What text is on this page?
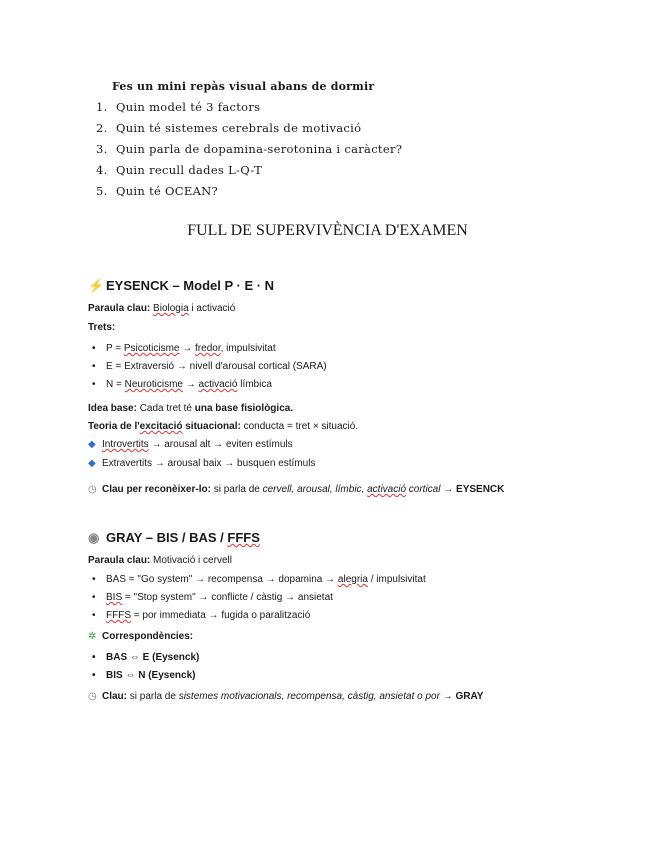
Fes un mini repàs visual abans de dormir
1. Quin model té 3 factors
2. Quin té sistemes cerebrals de motivació
3. Quin parla de dopamina-serotonina i caràcter?
4. Quin recull dades L-Q-T
5. Quin té OCEAN?
FULL DE SUPERVIVÈNCIA D'EXAMEN
⚡ EYSENCK – Model P · E · N
Paraula clau: Biologia i activació
Trets:
• P = Psicoticisme → fredor, impulsivitat
• E = Extraversió → nivell d'arousal cortical (SARA)
• N = Neuroticisme → activació límbica
Idea base: Cada tret té una base fisiològica.
Teoria de l'excitació situacional: conducta = tret × situació.
◆ Introvertits → arousal alt → eviten estímuls
◆ Extravertits → arousal baix → busquen estímuls
◷ Clau per reconèixer-lo: si parla de cervell, arousal, límbic, activació cortical → EYSENCK
◉ GRAY – BIS / BAS / FFFS
Paraula clau: Motivació i cervell
• BAS = "Go system" → recompensa → dopamina → alegria / impulsivitat
• BIS = "Stop system" → conflicte / càstig → ansietat
• FFFS = por immediata → fugida o paralització
✲ Correspondències:
• BAS ⇔ E (Eysenck)
• BIS ⇔ N (Eysenck)
◷ Clau: si parla de sistemes motivacionals, recompensa, càstig, ansietat o por → GRAY
